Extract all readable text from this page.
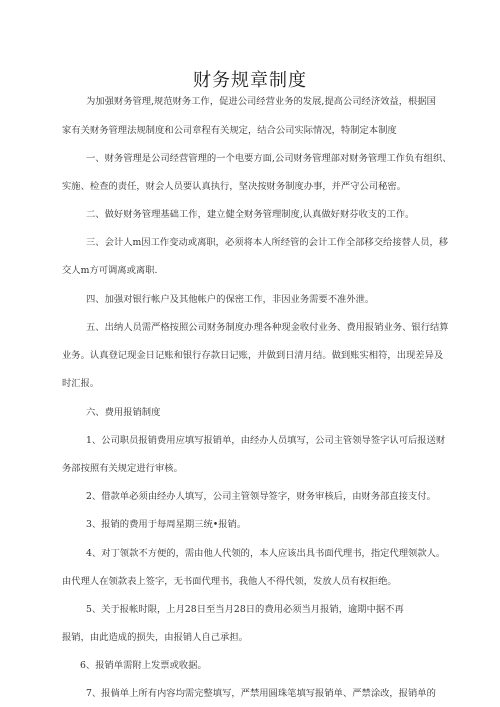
财务规章制度
为加强财务管理,规范财务工作，促进公司经营业务的发展,提高公司经济效益，根据国
家有关财务管理法规制度和公司章程有关规定，结合公司实际情况，特制定本制度
一、财务管理是公司经营管理的一个电要方面,公司财务管理部对财务管理工作负有组织、
实施、检查的责任，财会人员要认真执行，坚决按财务制度办事，并严守公司秘密。
二、做好财务管理基础工作，建立健全财务管理制度,认真做好财芬收支的工作。
三、会计人m因工作变动或离职，必须将本人所经管的会计工作全部移交给接替人员，移
交人m方可调离或离职.
四、加强对银行帐户及其他帐户的保密工作，非因业务需要不准外泄。
五、出纳人员需严格按照公司财务制度办理各种现金收付业务、费用报销业务、银行结算
业务。认真登记现金日记账和银行存款日记账，并做到日清月结。做到账实相符，出现差异及
时汇报。
六、费用报销制度
1、公司职员报销费用应填写报销单，由经办人员填写，公司主管领导签字认可后报送财
务部按照有关规定进行审核。
2、借款单必须由经办人填写，公司主管领导签字，财务审核后，由财务部直接支付。
3、报销的费用于每周星期三统•报销。
4、对丁领款不方便的，需由他人代领的，本人应该出具书面代理书，指定代理领款人。
由代理人在领款表上签字，无书面代理书，我他人不得代领，发放人员有权拒绝。
5、关于报帐时限，上月28日至当月28日的费用必须当月报销，逾期中据不再
报销，由此造成的损失，由报销人自己承担。
6、报销单需附上发票或收据。
7、报倘单上所有内容均需完整填写，严禁用圆珠笔填写报销单、严禁涂改，报销单的
